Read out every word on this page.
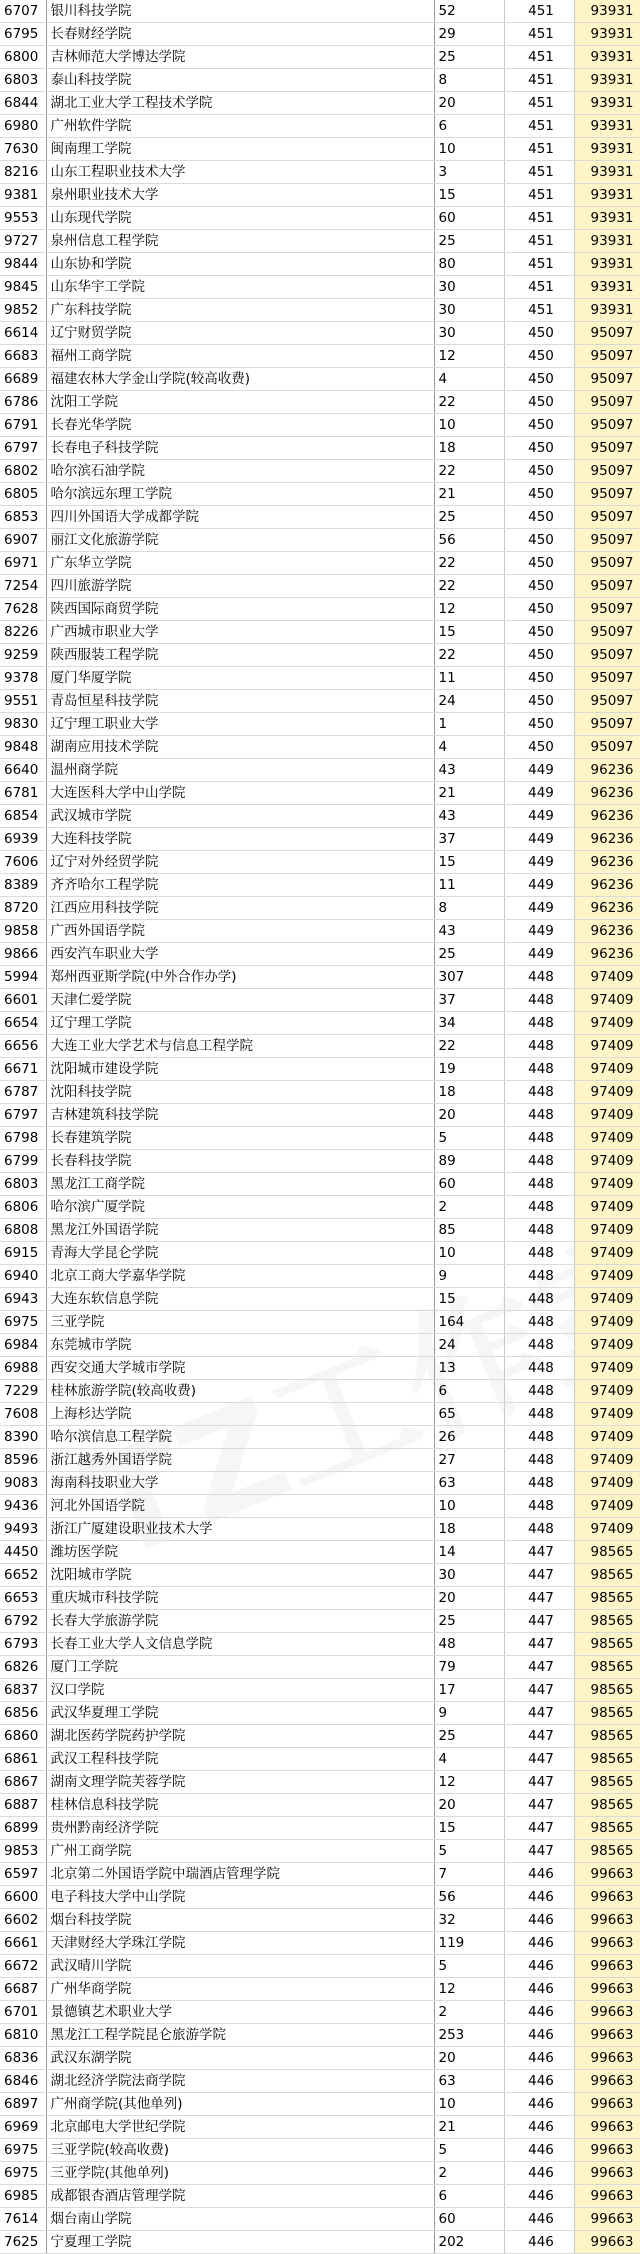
6707	银川科技学院	52	451	93931
6795	长春财经学院	29	451	93931
6800	吉林师范大学博达学院	25	451	93931
6803	泰山科技学院	8	451	93931
6844	湖北工业大学工程技术学院	20	451	93931
6980	广州软件学院	6	451	93931
7630	闽南理工学院	10	451	93931
8216	山东工程职业技术大学	3	451	93931
9381	泉州职业技术大学	15	451	93931
9553	山东现代学院	60	451	93931
9727	泉州信息工程学院	25	451	93931
9844	山东协和学院	80	451	93931
9845	山东华宇工学院	30	451	93931
9852	广东科技学院	30	451	93931
6614	辽宁财贸学院	30	450	95097
6683	福州工商学院	12	450	95097
6689	福建农林大学金山学院(较高收费)	4	450	95097
6786	沈阳工学院	22	450	95097
6791	长春光华学院	10	450	95097
6797	长春电子科技学院	18	450	95097
6802	哈尔滨石油学院	22	450	95097
6805	哈尔滨远东理工学院	21	450	95097
6853	四川外国语大学成都学院	25	450	95097
6907	丽江文化旅游学院	56	450	95097
6971	广东华立学院	22	450	95097
7254	四川旅游学院	22	450	95097
7628	陕西国际商贸学院	12	450	95097
8226	广西城市职业大学	15	450	95097
9259	陕西服装工程学院	22	450	95097
9378	厦门华厦学院	11	450	95097
9551	青岛恒星科技学院	24	450	95097
9830	辽宁理工职业大学	1	450	95097
9848	湖南应用技术学院	4	450	95097
6640	温州商学院	43	449	96236
6781	大连医科大学中山学院	21	449	96236
6854	武汉城市学院	43	449	96236
6939	大连科技学院	37	449	96236
7606	辽宁对外经贸学院	15	449	96236
8389	齐齐哈尔工程学院	11	449	96236
8720	江西应用科技学院	8	449	96236
9858	广西外国语学院	43	449	96236
9866	西安汽车职业大学	25	449	96236
5994	郑州西亚斯学院(中外合作办学)	307	448	97409
6601	天津仁爱学院	37	448	97409
6654	辽宁理工学院	34	448	97409
6656	大连工业大学艺术与信息工程学院	22	448	97409
6671	沈阳城市建设学院	19	448	97409
6787	沈阳科技学院	18	448	97409
6797	吉林建筑科技学院	20	448	97409
6798	长春建筑学院	5	448	97409
6799	长春科技学院	89	448	97409
6803	黑龙江工商学院	60	448	97409
6806	哈尔滨广厦学院	2	448	97409
6808	黑龙江外国语学院	85	448	97409
6915	青海大学昆仑学院	10	448	97409
6940	北京工商大学嘉华学院	9	448	97409
6943	大连东软信息学院	15	448	97409
6975	三亚学院	164	448	97409
6984	东莞城市学院	24	448	97409
6988	西安交通大学城市学院	13	448	97409
7229	桂林旅游学院(较高收费)	6	448	97409
7608	上海杉达学院	65	448	97409
8390	哈尔滨信息工程学院	26	448	97409
8596	浙江越秀外国语学院	27	448	97409
9083	海南科技职业大学	63	448	97409
9436	河北外国语学院	10	448	97409
9493	浙江广厦建设职业技术大学	18	448	97409
4450	潍坊医学院	14	447	98565
6652	沈阳城市学院	30	447	98565
6653	重庆城市科技学院	20	447	98565
6792	长春大学旅游学院	25	447	98565
6793	长春工业大学人文信息学院	48	447	98565
6826	厦门工学院	79	447	98565
6837	汉口学院	17	447	98565
6856	武汉华夏理工学院	9	447	98565
6860	湖北医药学院药护学院	25	447	98565
6861	武汉工程科技学院	4	447	98565
6867	湖南文理学院芙蓉学院	12	447	98565
6887	桂林信息科技学院	20	447	98565
6899	贵州黔南经济学院	15	447	98565
9853	广州工商学院	5	447	98565
6597	北京第二外国语学院中瑞酒店管理学院	7	446	99663
6600	电子科技大学中山学院	56	446	99663
6602	烟台科技学院	32	446	99663
6661	天津财经大学珠江学院	119	446	99663
6672	武汉晴川学院	5	446	99663
6687	广州华商学院	12	446	99663
6701	景德镇艺术职业大学	2	446	99663
6810	黑龙江工程学院昆仑旅游学院	253	446	99663
6836	武汉东湖学院	20	446	99663
6846	湖北经济学院法商学院	63	446	99663
6897	广州商学院(其他单列)	10	446	99663
6969	北京邮电大学世纪学院	21	446	99663
6975	三亚学院(较高收费)	5	446	99663
6975	三亚学院(其他单列)	2	446	99663
6985	成都银杏酒店管理学院	6	446	99663
7614	烟台南山学院	60	446	99663
7625	宁夏理工学院	202	446	99663
